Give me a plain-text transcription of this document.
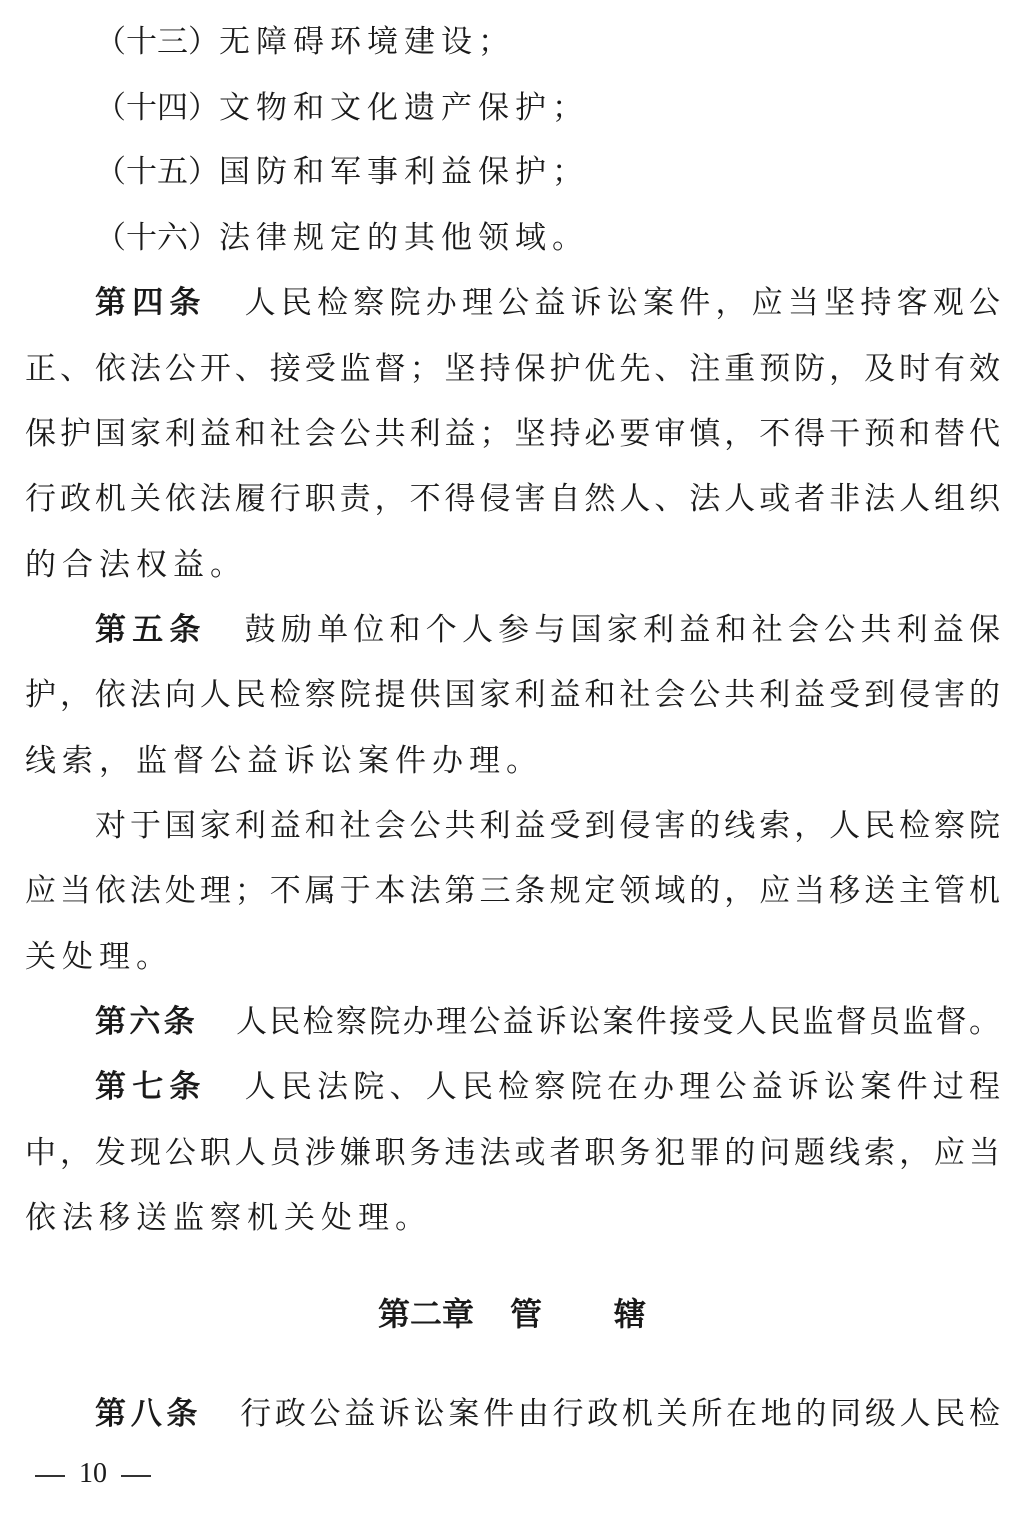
（十三）无障碍环境建设；
（十四）文物和文化遗产保护；
（十五）国防和军事利益保护；
（十六）法律规定的其他领域。
第四条 人民检察院办理公益诉讼案件，应当坚持客观公
正、依法公开、接受监督；坚持保护优先、注重预防，及时有效
保护国家利益和社会公共利益；坚持必要审慎，不得干预和替代
行政机关依法履行职责，不得侵害自然人、法人或者非法人组织
的合法权益。
第五条 鼓励单位和个人参与国家利益和社会公共利益保
护，依法向人民检察院提供国家利益和社会公共利益受到侵害的
线索，监督公益诉讼案件办理。
对于国家利益和社会公共利益受到侵害的线索，人民检察院
应当依法处理；不属于本法第三条规定领域的，应当移送主管机
关处理。
第六条 人民检察院办理公益诉讼案件接受人民监督员监督。
第七条 人民法院、人民检察院在办理公益诉讼案件过程
中，发现公职人员涉嫌职务违法或者职务犯罪的问题线索，应当
依法移送监察机关处理。
第二章 管 辖
第八条 行政公益诉讼案件由行政机关所在地的同级人民检
10
